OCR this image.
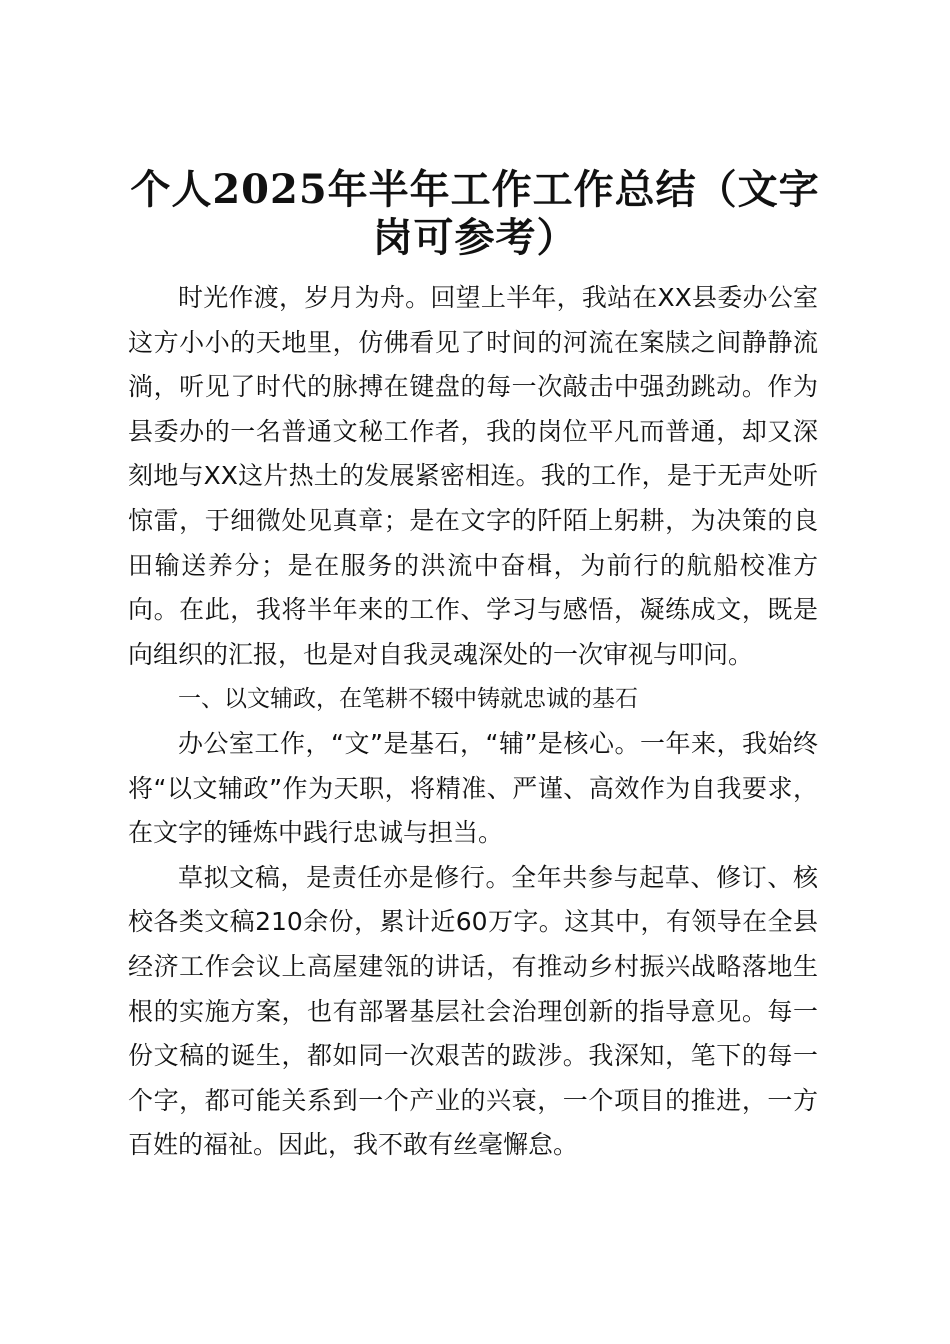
个人2025年半年工作工作总结（文字岗可参考）

时光作渡，岁月为舟。回望上半年，我站在XX县委办公室这方小小的天地里，仿佛看见了时间的河流在案牍之间静静流淌，听见了时代的脉搏在键盘的每一次敲击中强劲跳动。作为县委办的一名普通文秘工作者，我的岗位平凡而普通，却又深刻地与XX这片热土的发展紧密相连。我的工作，是于无声处听惊雷，于细微处见真章；是在文字的阡陌上躬耕，为决策的良田输送养分；是在服务的洪流中奋楫，为前行的航船校准方向。在此，我将半年来的工作、学习与感悟，凝练成文，既是向组织的汇报，也是对自我灵魂深处的一次审视与叩问。

一、以文辅政，在笔耕不辍中铸就忠诚的基石

办公室工作，“文”是基石，“辅”是核心。一年来，我始终将“以文辅政”作为天职，将精准、严谨、高效作为自我要求，在文字的锤炼中践行忠诚与担当。

草拟文稿，是责任亦是修行。全年共参与起草、修订、核校各类文稿210余份，累计近60万字。这其中，有领导在全县经济工作会议上高屋建瓴的讲话，有推动乡村振兴战略落地生根的实施方案，也有部署基层社会治理创新的指导意见。每一份文稿的诞生，都如同一次艰苦的跋涉。我深知，笔下的每一个字，都可能关系到一个产业的兴衰，一个项目的推进，一方百姓的福祉。因此，我不敢有丝毫懈怠。
